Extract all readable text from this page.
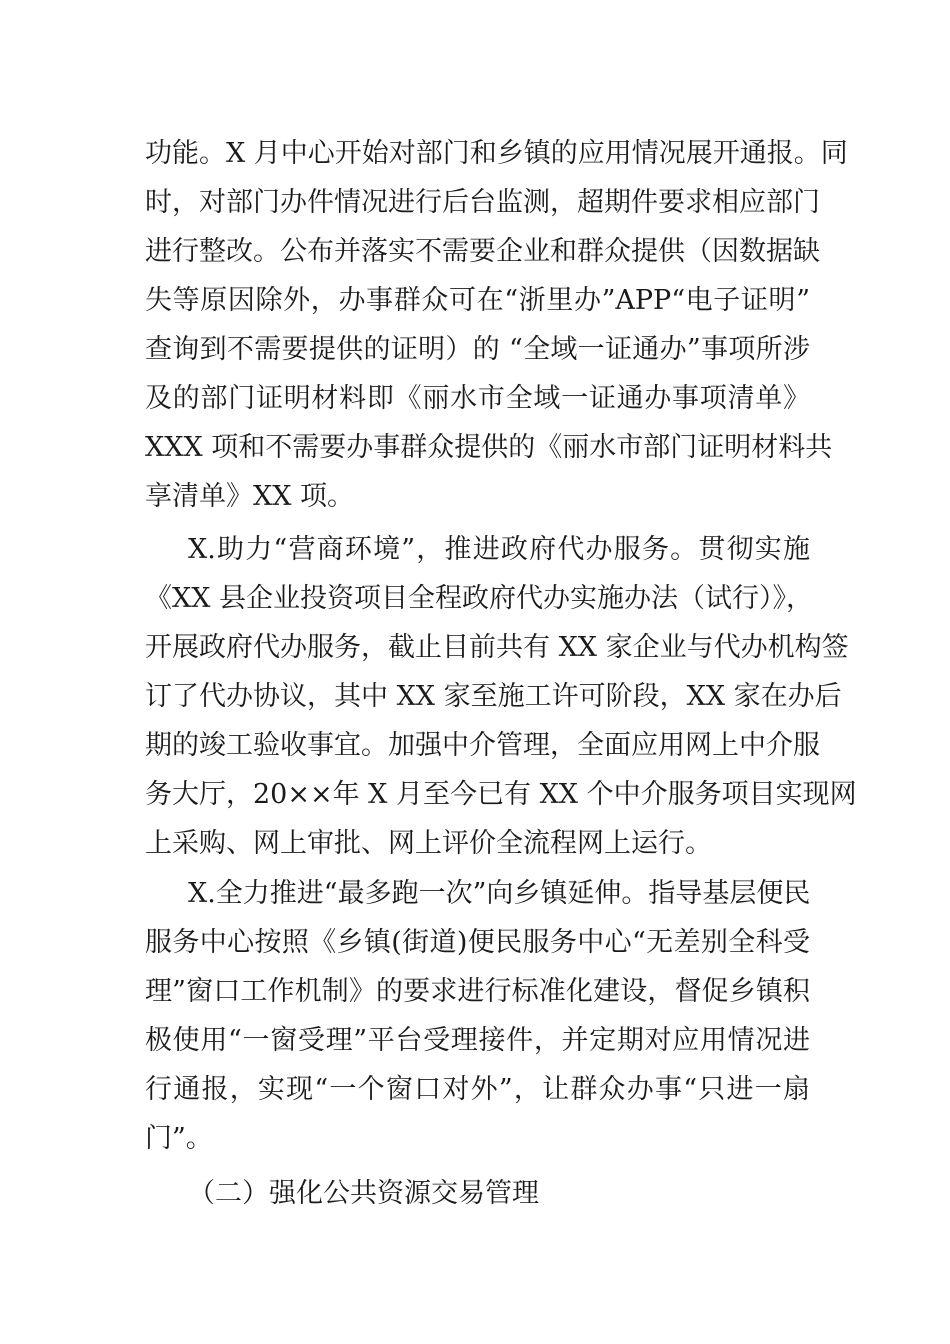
功能。X 月中心开始对部门和乡镇的应用情况展开通报。同
时，对部门办件情况进行后台监测，超期件要求相应部门
进行整改。公布并落实不需要企业和群众提供（因数据缺
失等原因除外，办事群众可在“浙里办”APP“电子证明”
查询到不需要提供的证明）的 “全域一证通办”事项所涉
及的部门证明材料即《丽水市全域一证通办事项清单》
XXX 项和不需要办事群众提供的《丽水市部门证明材料共
享清单》XX 项。
X.助力“营商环境”，推进政府代办服务。贯彻实施
《XX 县企业投资项目全程政府代办实施办法（试行）》，
开展政府代办服务，截止目前共有 XX 家企业与代办机构签
订了代办协议，其中 XX 家至施工许可阶段，XX 家在办后
期的竣工验收事宜。加强中介管理，全面应用网上中介服
务大厅，20××年 X 月至今已有 XX 个中介服务项目实现网
上采购、网上审批、网上评价全流程网上运行。
X.全力推进“最多跑一次”向乡镇延伸。指导基层便民
服务中心按照《乡镇(街道)便民服务中心“无差别全科受
理”窗口工作机制》的要求进行标准化建设，督促乡镇积
极使用“一窗受理”平台受理接件，并定期对应用情况进
行通报，实现“一个窗口对外”，让群众办事“只进一扇
门”。
（二）强化公共资源交易管理
